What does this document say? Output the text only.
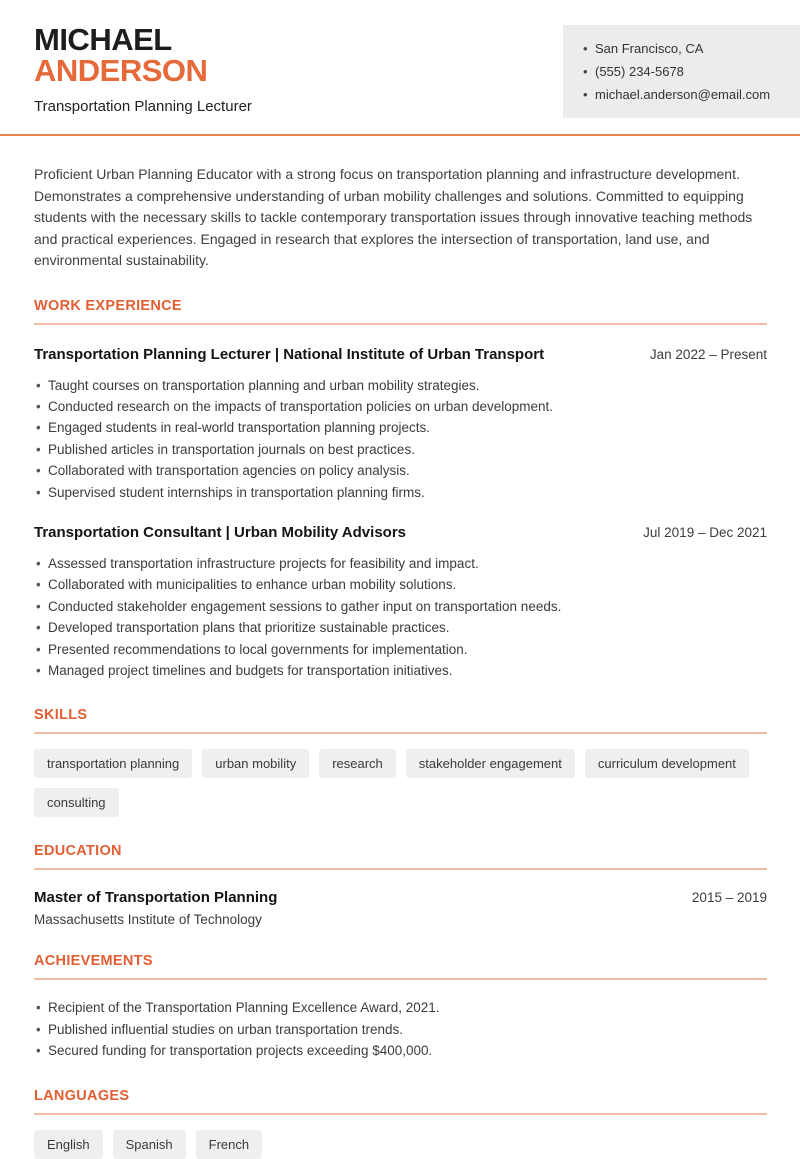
MICHAEL
ANDERSON
Transportation Planning Lecturer
• San Francisco, CA
• (555) 234-5678
• michael.anderson@email.com

Proficient Urban Planning Educator with a strong focus on transportation planning and infrastructure development. Demonstrates a comprehensive understanding of urban mobility challenges and solutions. Committed to equipping students with the necessary skills to tackle contemporary transportation issues through innovative teaching methods and practical experiences. Engaged in research that explores the intersection of transportation, land use, and environmental sustainability.

WORK EXPERIENCE
Transportation Planning Lecturer | National Institute of Urban Transport	Jan 2022 – Present
• Taught courses on transportation planning and urban mobility strategies.
• Conducted research on the impacts of transportation policies on urban development.
• Engaged students in real-world transportation planning projects.
• Published articles in transportation journals on best practices.
• Collaborated with transportation agencies on policy analysis.
• Supervised student internships in transportation planning firms.
Transportation Consultant | Urban Mobility Advisors	Jul 2019 – Dec 2021
• Assessed transportation infrastructure projects for feasibility and impact.
• Collaborated with municipalities to enhance urban mobility solutions.
• Conducted stakeholder engagement sessions to gather input on transportation needs.
• Developed transportation plans that prioritize sustainable practices.
• Presented recommendations to local governments for implementation.
• Managed project timelines and budgets for transportation initiatives.
SKILLS
transportation planning	urban mobility	research	stakeholder engagement	curriculum development
consulting
EDUCATION
Master of Transportation Planning	2015 – 2019
Massachusetts Institute of Technology
ACHIEVEMENTS
• Recipient of the Transportation Planning Excellence Award, 2021.
• Published influential studies on urban transportation trends.
• Secured funding for transportation projects exceeding $400,000.
LANGUAGES
English	Spanish	French
